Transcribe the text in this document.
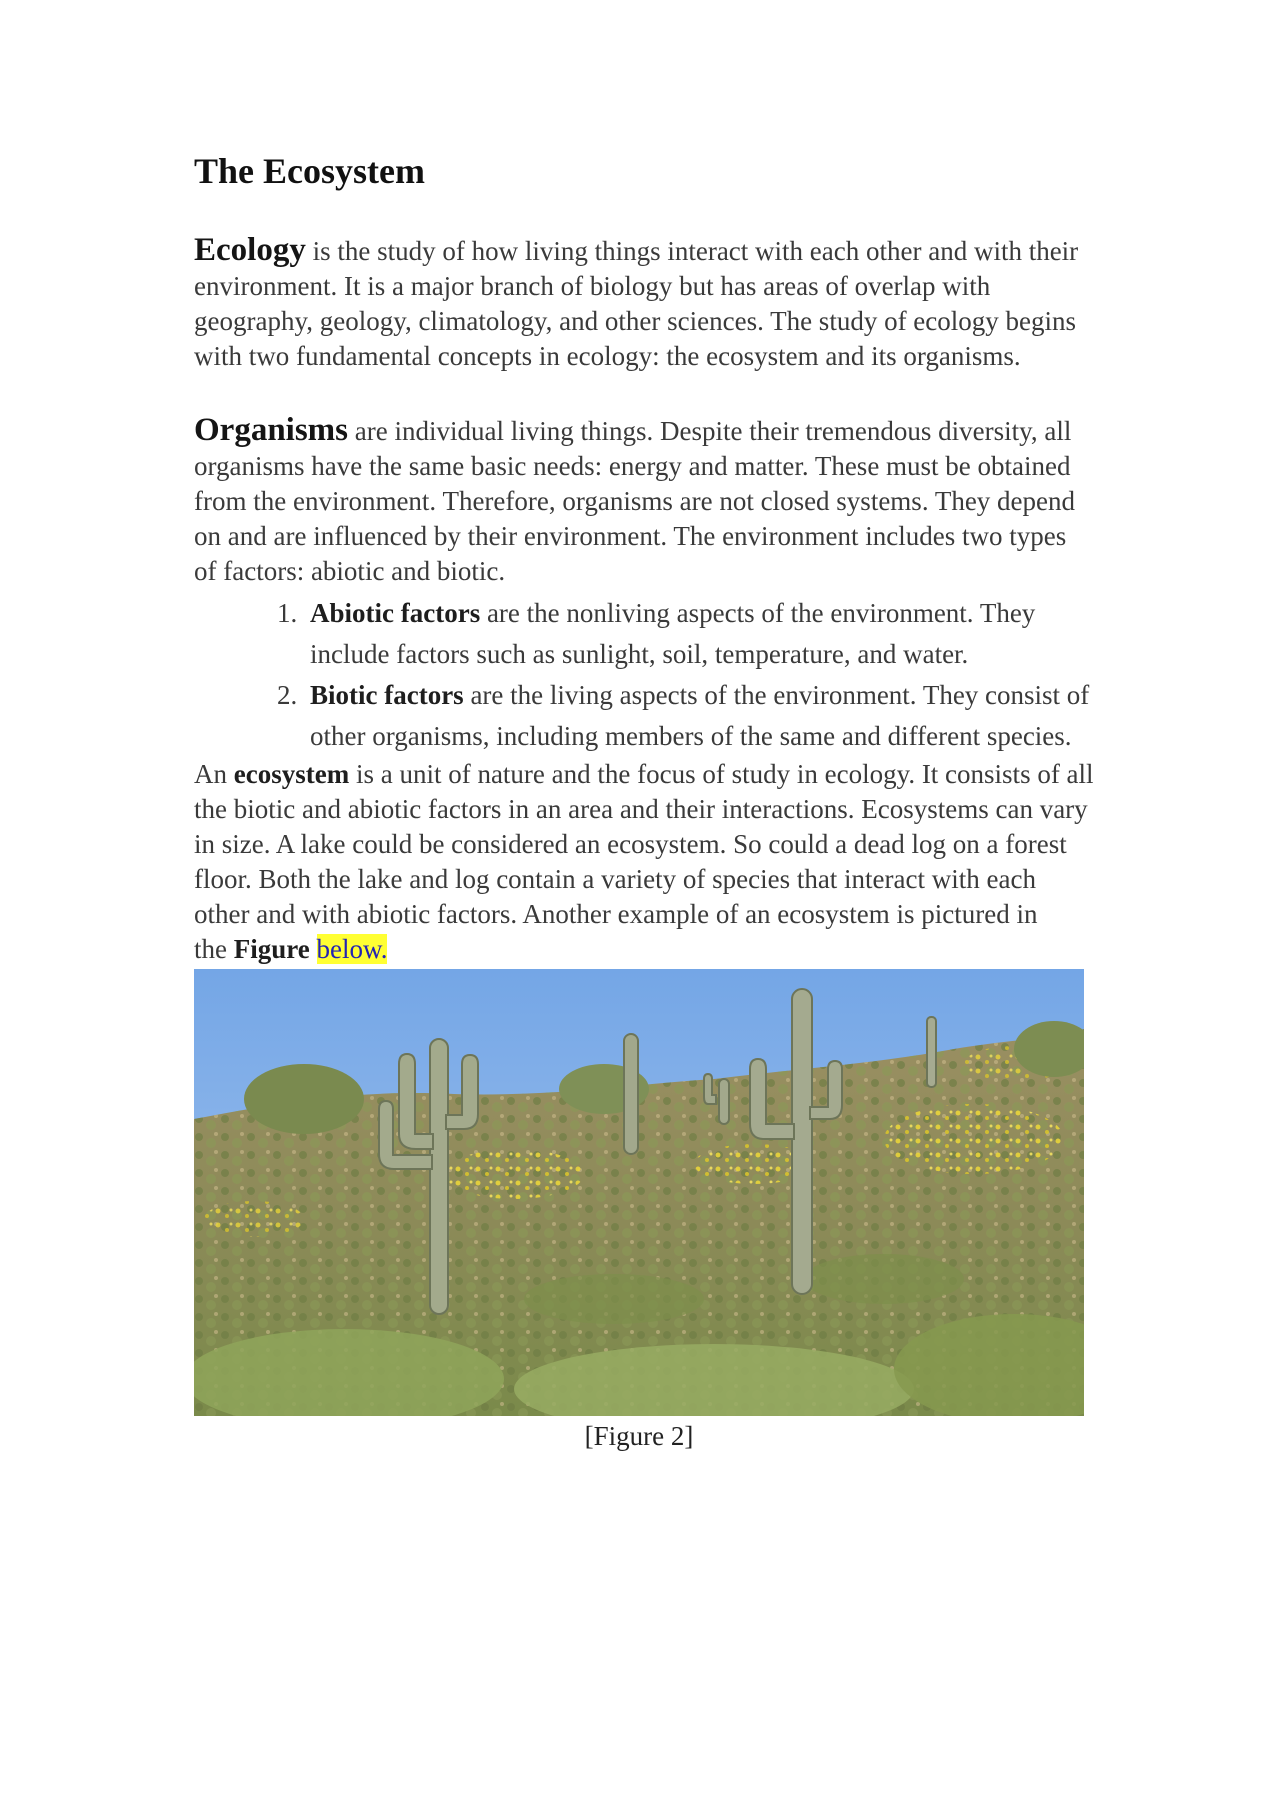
The Ecosystem

Ecology is the study of how living things interact with each other and with their environment. It is a major branch of biology but has areas of overlap with geography, geology, climatology, and other sciences. The study of ecology begins with two fundamental concepts in ecology: the ecosystem and its organisms.

Organisms are individual living things. Despite their tremendous diversity, all organisms have the same basic needs: energy and matter. These must be obtained from the environment. Therefore, organisms are not closed systems. They depend on and are influenced by their environment. The environment includes two types of factors: abiotic and biotic.

1. Abiotic factors are the nonliving aspects of the environment. They include factors such as sunlight, soil, temperature, and water.
2. Biotic factors are the living aspects of the environment. They consist of other organisms, including members of the same and different species.

An ecosystem is a unit of nature and the focus of study in ecology. It consists of all the biotic and abiotic factors in an area and their interactions. Ecosystems can vary in size. A lake could be considered an ecosystem. So could a dead log on a forest floor. Both the lake and log contain a variety of species that interact with each other and with abiotic factors. Another example of an ecosystem is pictured in
the Figure below.

[Figure 2]
